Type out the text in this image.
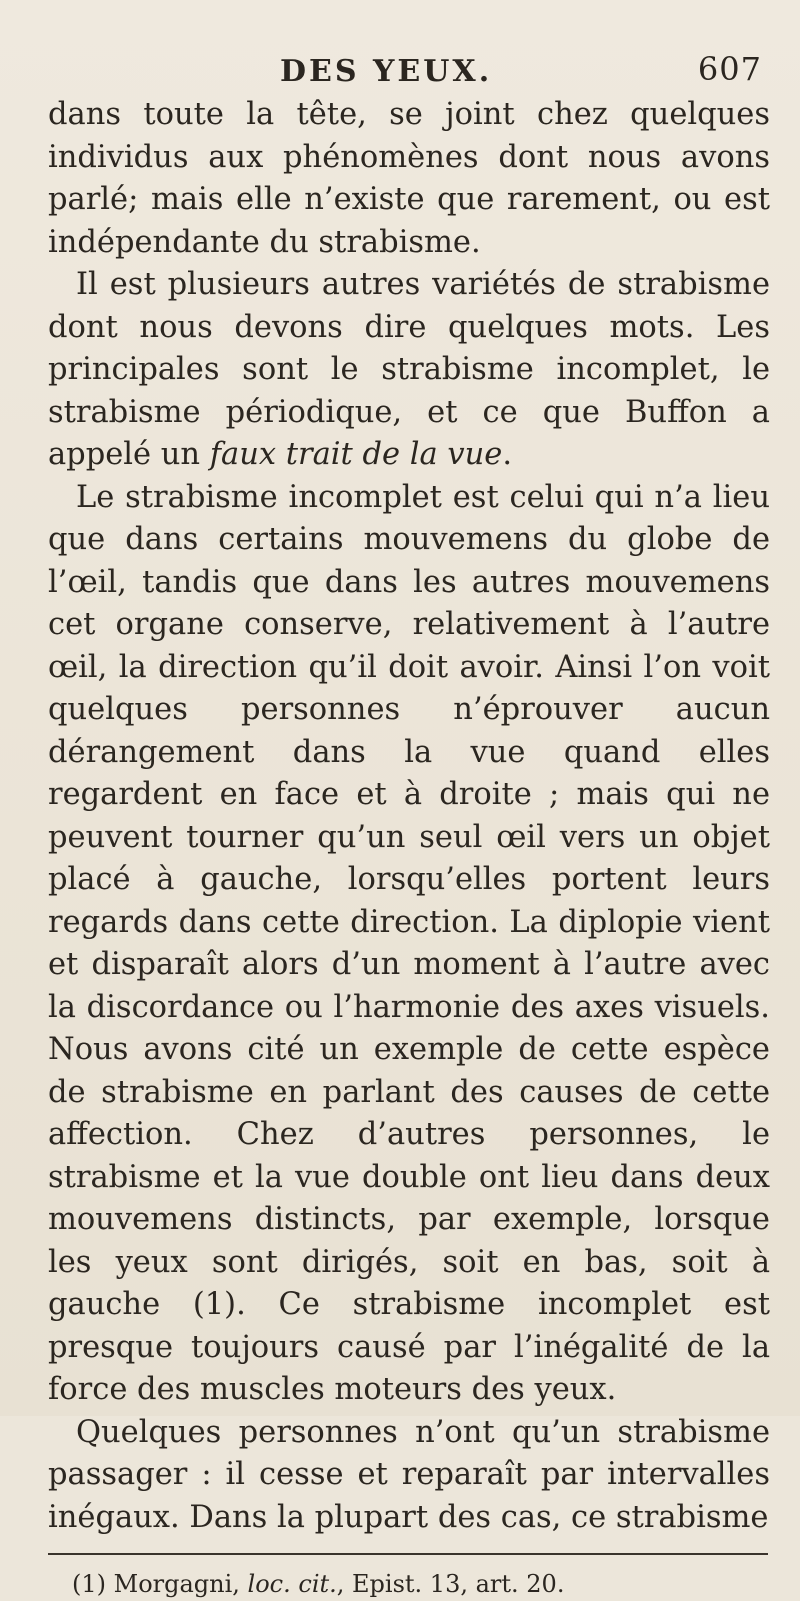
DES YEUX.	607

dans toute la tête, se joint chez quelques individus aux phénomènes dont nous avons parlé; mais elle n’existe que rarement, ou est indépendante du strabisme.

Il est plusieurs autres variétés de strabisme dont nous devons dire quelques mots. Les principales sont le strabisme incomplet, le strabisme périodique, et ce que Buffon a appelé un faux trait de la vue.

Le strabisme incomplet est celui qui n’a lieu que dans certains mouvemens du globe de l’œil, tandis que dans les autres mouvemens cet organe conserve, relativement à l’autre œil, la direction qu’il doit avoir. Ainsi l’on voit quelques personnes n’éprouver aucun dérangement dans la vue quand elles regardent en face et à droite ; mais qui ne peuvent tourner qu’un seul œil vers un objet placé à gauche, lorsqu’elles portent leurs regards dans cette direction. La diplopie vient et disparaît alors d’un moment à l’autre avec la discordance ou l’harmonie des axes visuels. Nous avons cité un exemple de cette espèce de strabisme en parlant des causes de cette affection. Chez d’autres personnes, le strabisme et la vue double ont lieu dans deux mouvemens distincts, par exemple, lorsque les yeux sont dirigés, soit en bas, soit à gauche (1). Ce strabisme incomplet est presque toujours causé par l’inégalité de la force des muscles moteurs des yeux.

Quelques personnes n’ont qu’un strabisme passager : il cesse et reparaît par intervalles inégaux. Dans la plupart des cas, ce strabisme

(1) Morgagni, loc. cit., Epist. 13, art. 20.
